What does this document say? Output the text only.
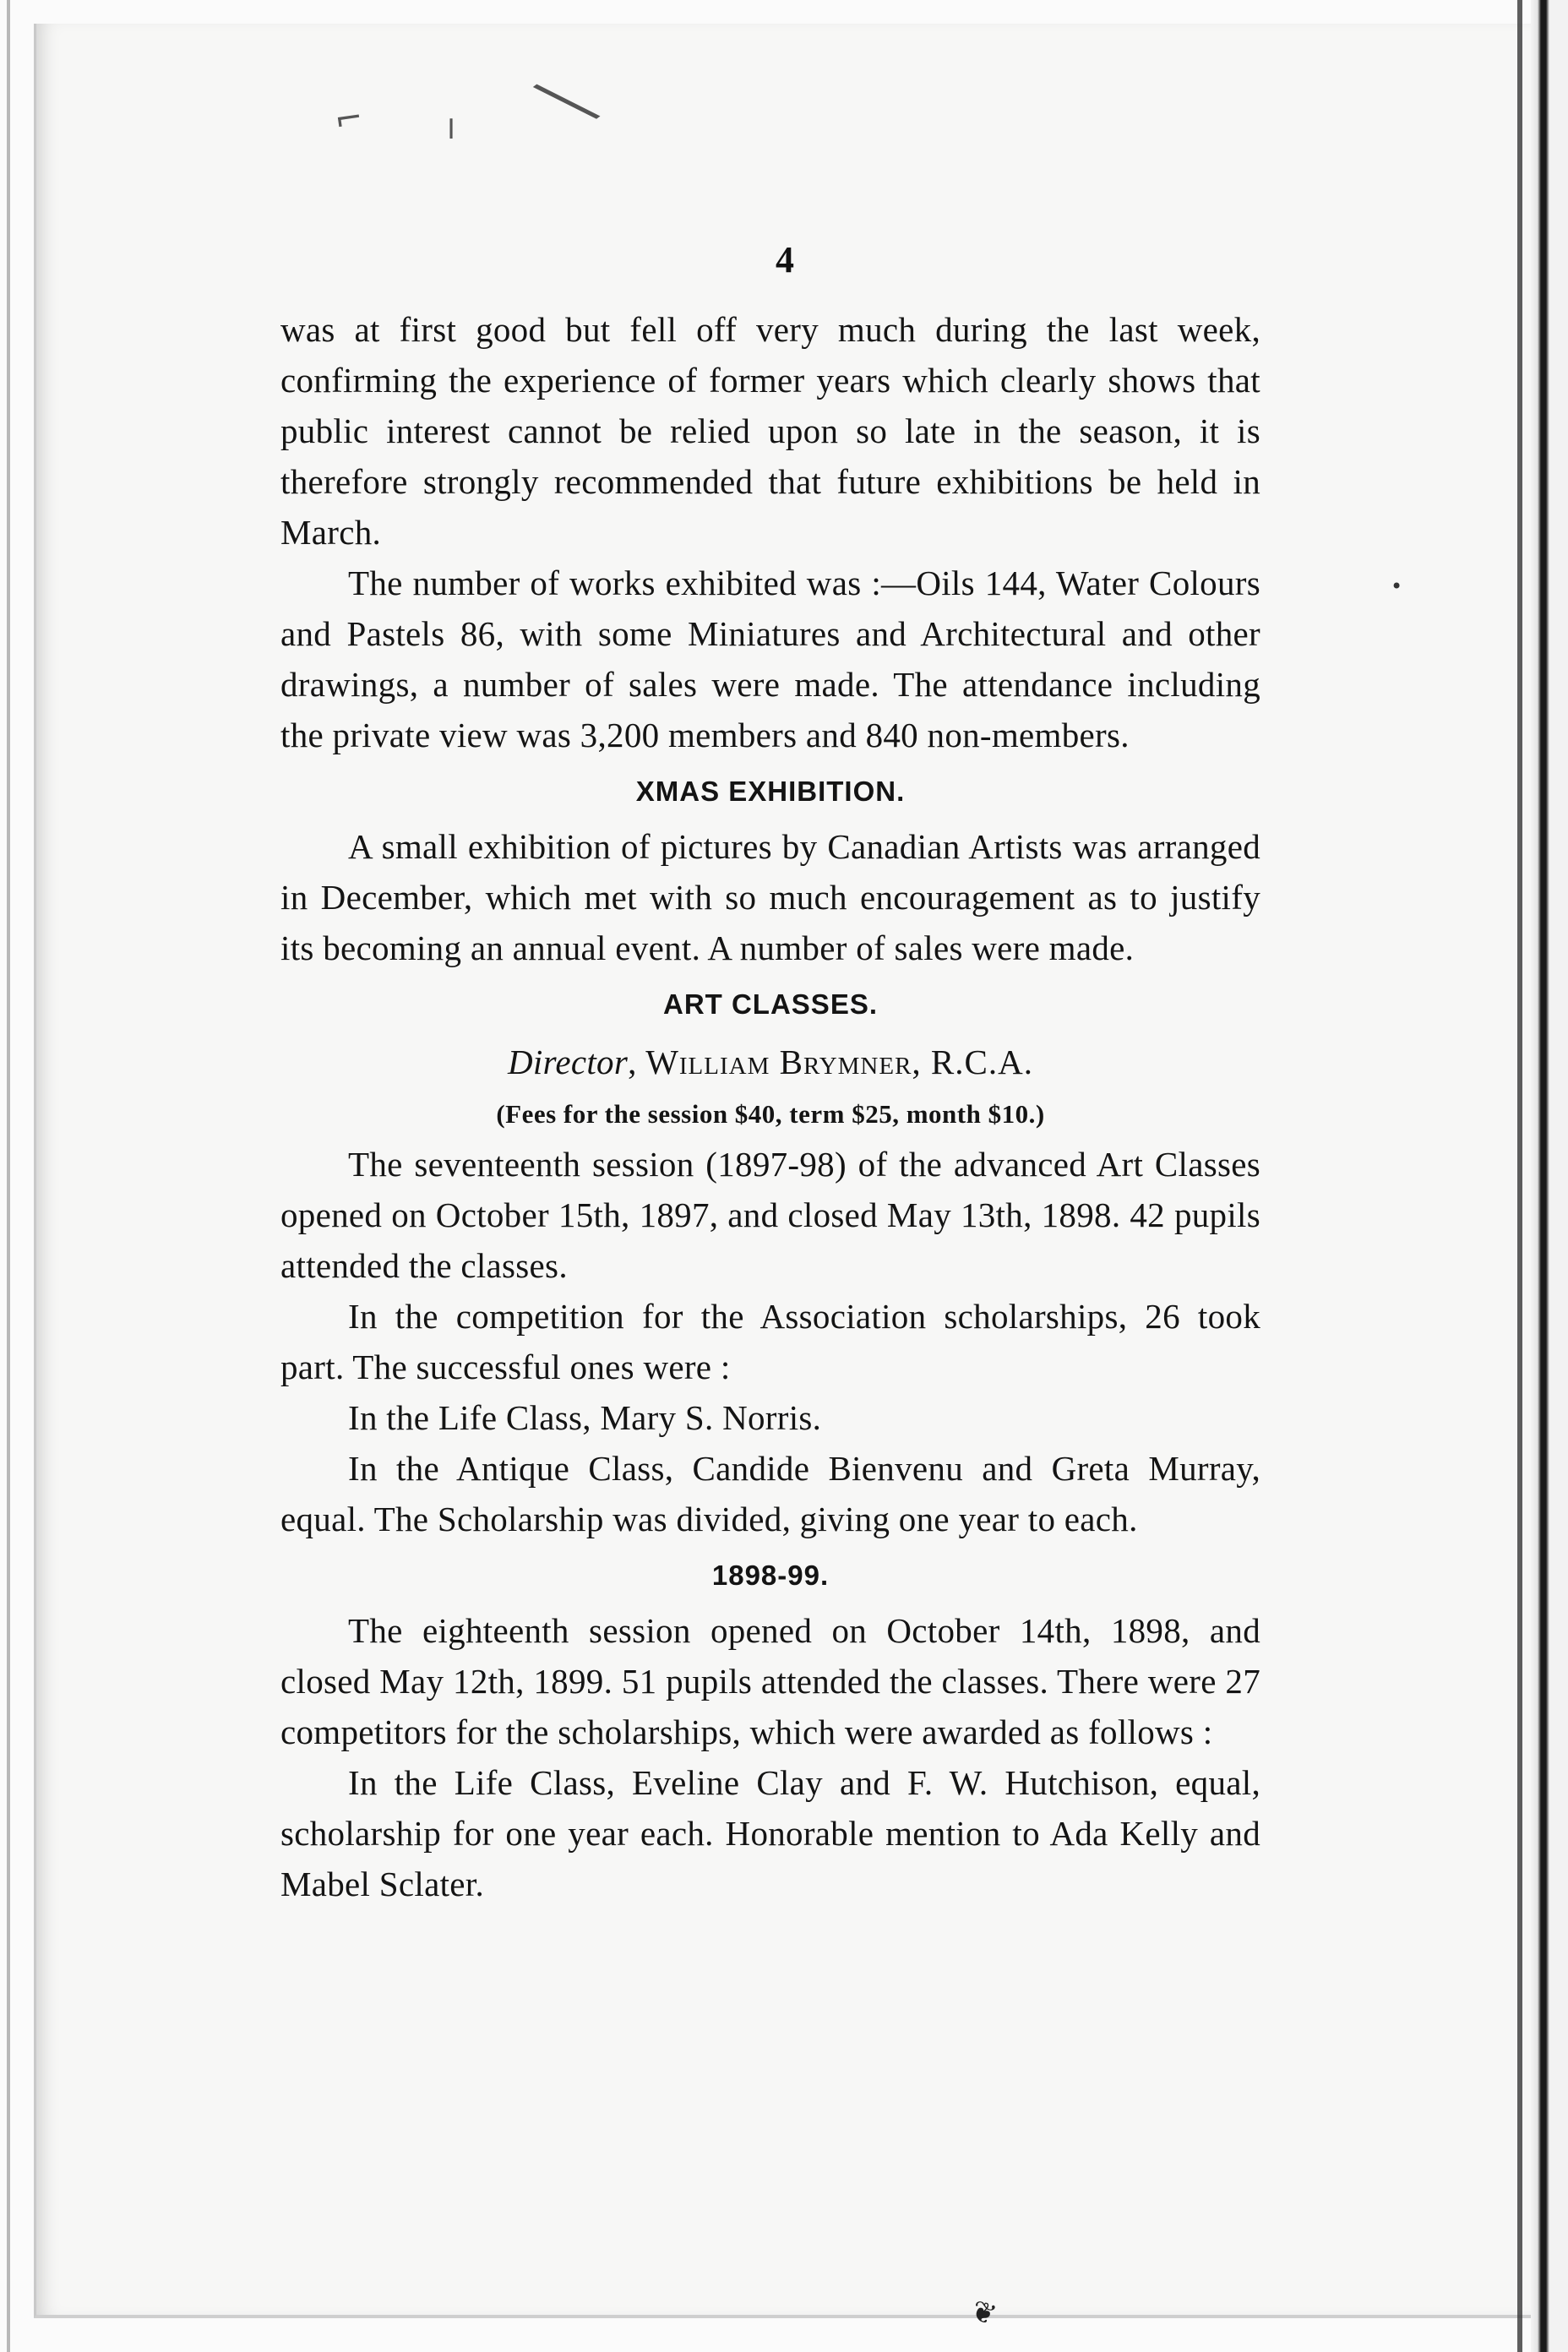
⌐ ╷ ╲
•
4

was at first good but fell off very much during the last week, confirming the experience of former years which clearly shows that public interest cannot be relied upon so late in the season, it is therefore strongly recommended that future exhibitions be held in March.

The number of works exhibited was :—Oils 144, Water Colours and Pastels 86, with some Miniatures and Architectural and other drawings, a number of sales were made. The attendance including the private view was 3,200 members and 840 non-members.

XMAS EXHIBITION.

A small exhibition of pictures by Canadian Artists was arranged in December, which met with so much encouragement as to justify its becoming an annual event. A number of sales were made.

ART CLASSES.

Director, William Brymner, R.C.A.

(Fees for the session $40, term $25, month $10.)

The seventeenth session (1897-98) of the advanced Art Classes opened on October 15th, 1897, and closed May 13th, 1898. 42 pupils attended the classes.

In the competition for the Association scholarships, 26 took part. The successful ones were :

In the Life Class, Mary S. Norris.

In the Antique Class, Candide Bienvenu and Greta Murray, equal. The Scholarship was divided, giving one year to each.

1898-99.

The eighteenth session opened on October 14th, 1898, and closed May 12th, 1899. 51 pupils attended the classes. There were 27 competitors for the scholarships, which were awarded as follows :

In the Life Class, Eveline Clay and F. W. Hutchison, equal, scholarship for one year each. Honorable mention to Ada Kelly and Mabel Sclater.

❦
